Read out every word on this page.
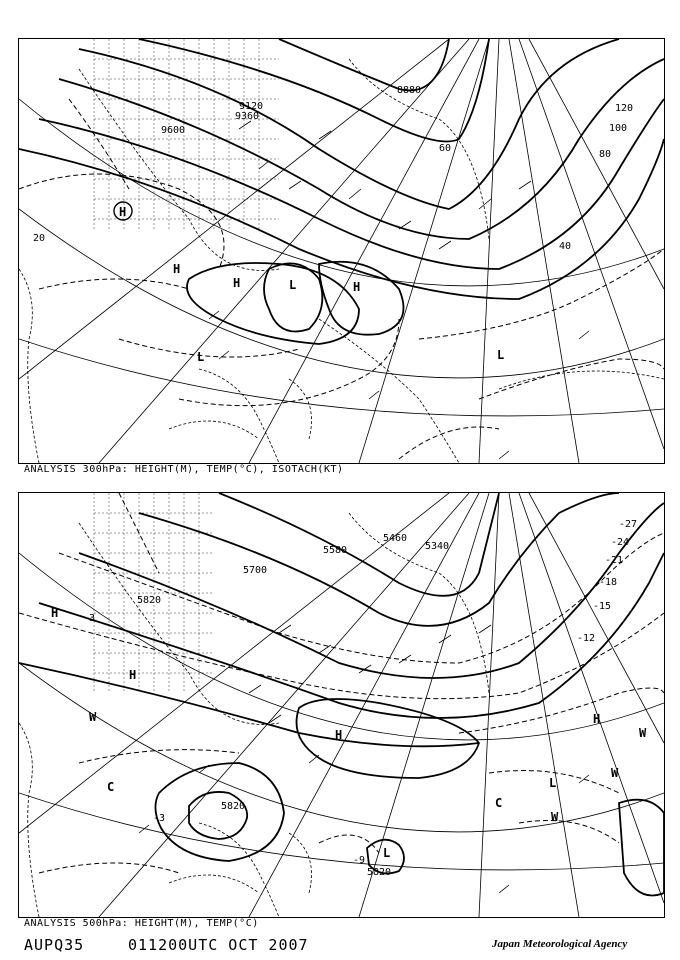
9120
9360
9600
8880
20
40
60
80
100
120
H
H
H
L
L
H
L
ANALYSIS 300hPa: HEIGHT(M), TEMP(°C), ISOTACH(KT)
5580
5460
5340
5700
5820
5820
5820
-3
-3
-9
-12
-15
-18
-21
-24
-27
H
H
C
W
H
C
L
W
H
W
W
L
ANALYSIS 500hPa: HEIGHT(M), TEMP(°C)
AUPQ35	011200UTC OCT 2007	Japan Meteorological Agency
